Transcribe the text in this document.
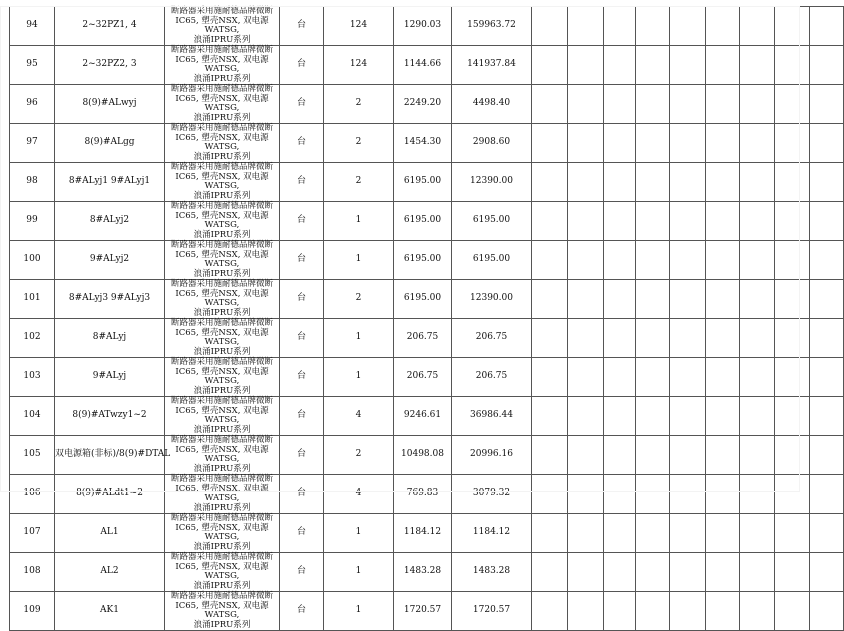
94	2~32PZ1, 4	断路器采用施耐德品牌微断
IC65, 塑壳NSX, 双电源WATSG,
浪涌IPRU系列	台	124	1290.03	159963.72									
95	2~32PZ2, 3	断路器采用施耐德品牌微断
IC65, 塑壳NSX, 双电源WATSG,
浪涌IPRU系列	台	124	1144.66	141937.84									
96	8(9)#ALwyj	断路器采用施耐德品牌微断
IC65, 塑壳NSX, 双电源WATSG,
浪涌IPRU系列	台	2	2249.20	4498.40									
97	8(9)#ALgg	断路器采用施耐德品牌微断
IC65, 塑壳NSX, 双电源WATSG,
浪涌IPRU系列	台	2	1454.30	2908.60									
98	8#ALyj1 9#ALyj1	断路器采用施耐德品牌微断
IC65, 塑壳NSX, 双电源WATSG,
浪涌IPRU系列	台	2	6195.00	12390.00									
99	8#ALyj2	断路器采用施耐德品牌微断
IC65, 塑壳NSX, 双电源WATSG,
浪涌IPRU系列	台	1	6195.00	6195.00									
100	9#ALyj2	断路器采用施耐德品牌微断
IC65, 塑壳NSX, 双电源WATSG,
浪涌IPRU系列	台	1	6195.00	6195.00									
101	8#ALyj3 9#ALyj3	断路器采用施耐德品牌微断
IC65, 塑壳NSX, 双电源WATSG,
浪涌IPRU系列	台	2	6195.00	12390.00									
102	8#ALyj	断路器采用施耐德品牌微断
IC65, 塑壳NSX, 双电源WATSG,
浪涌IPRU系列	台	1	206.75	206.75									
103	9#ALyj	断路器采用施耐德品牌微断
IC65, 塑壳NSX, 双电源WATSG,
浪涌IPRU系列	台	1	206.75	206.75									
104	8(9)#ATwzy1~2	断路器采用施耐德品牌微断
IC65, 塑壳NSX, 双电源WATSG,
浪涌IPRU系列	台	4	9246.61	36986.44									
105	双电源箱(非标)/8(9)#DTAL	断路器采用施耐德品牌微断
IC65, 塑壳NSX, 双电源WATSG,
浪涌IPRU系列	台	2	10498.08	20996.16									
106	8(9)#ALdt1~2	断路器采用施耐德品牌微断
IC65, 塑壳NSX, 双电源WATSG,
浪涌IPRU系列	台	4	769.83	3079.32									
107	AL1	断路器采用施耐德品牌微断
IC65, 塑壳NSX, 双电源WATSG,
浪涌IPRU系列	台	1	1184.12	1184.12									
108	AL2	断路器采用施耐德品牌微断
IC65, 塑壳NSX, 双电源WATSG,
浪涌IPRU系列	台	1	1483.28	1483.28									
109	AK1	断路器采用施耐德品牌微断
IC65, 塑壳NSX, 双电源WATSG,
浪涌IPRU系列	台	1	1720.57	1720.57									
